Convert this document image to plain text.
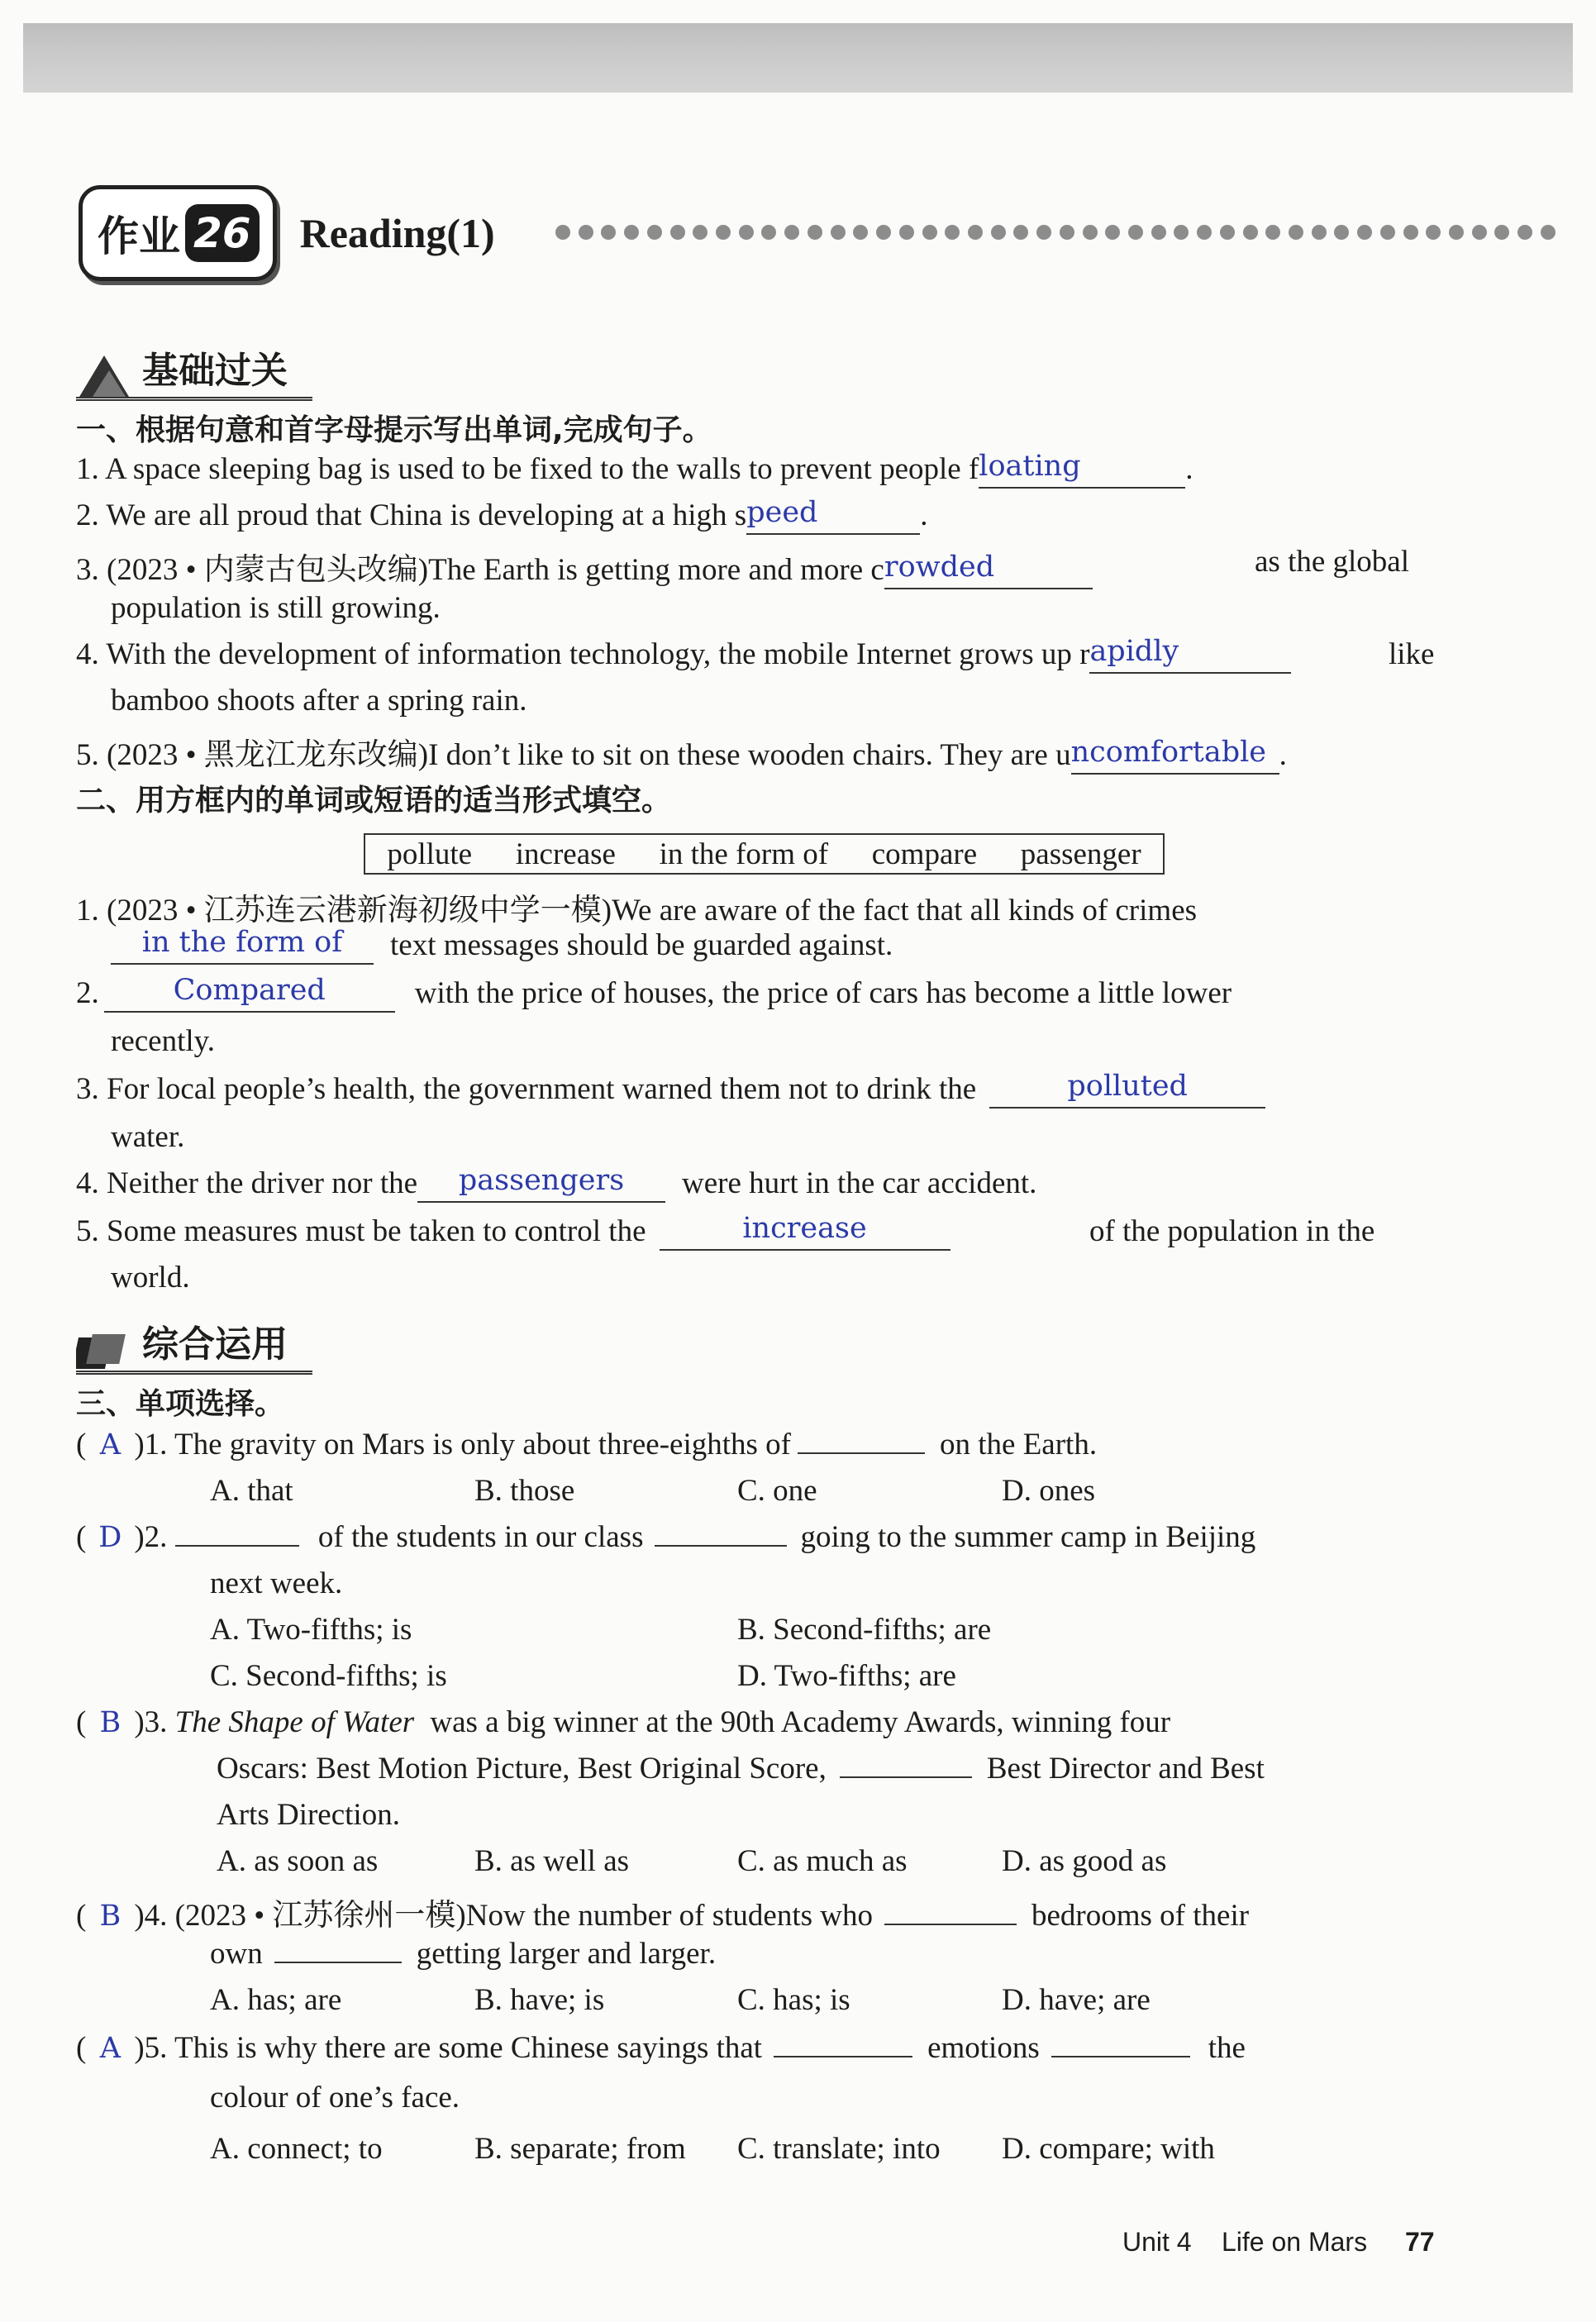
作业 26 Reading(1)
基础过关
一、根据句意和首字母提示写出单词,完成句子。
1. A space sleeping bag is used to be fixed to the walls to prevent people floating	.
2. We are all proud that China is developing at a high speed	.
3. (2023 • 内蒙古包头改编)The Earth is getting more and more crowded	as the global
population is still growing.
4. With the development of information technology, the mobile Internet grows up rapidly	like
bamboo shoots after a spring rain.
5. (2023 • 黑龙江龙东改编)I don’t like to sit on these wooden chairs. They are uncomfortable .
二、用方框内的单词或短语的适当形式填空。
pollute increase in the form of compare passenger
1. (2023 • 江苏连云港新海初级中学一模)We are aware of the fact that all kinds of crimes
in the form of text messages should be guarded against.
2.	Compared	with the price of houses, the price of cars has become a little lower
recently.
3. For local people’s health, the government warned them not to drink the	polluted
water.
4. Neither the driver nor the passengers were hurt in the car accident.
5. Some measures must be taken to control the	increase	of the population in the
world.
综合运用
三、单项选择。
( A )1. The gravity on Mars is only about three-eighths of	on the Earth.
A. that	B. those	C. one	D. ones
( D )2.	of the students in our class	going to the summer camp in Beijing
next week.
A. Two-fifths; is	B. Second-fifths; are
C. Second-fifths; is	D. Two-fifths; are
( B )3. The Shape of Water was a big winner at the 90th Academy Awards, winning four
Oscars: Best Motion Picture, Best Original Score,	Best Director and Best
Arts Direction.
A. as soon as	B. as well as	C. as much as	D. as good as
( B )4. (2023 • 江苏徐州一模)Now the number of students who	bedrooms of their
own	getting larger and larger.
A. has; are	B. have; is	C. has; is	D. have; are
( A )5. This is why there are some Chinese sayings that	emotions	the
colour of one’s face.
A. connect; to	B. separate; from C. translate; into D. compare; with
Unit 4 Life on Mars 77
